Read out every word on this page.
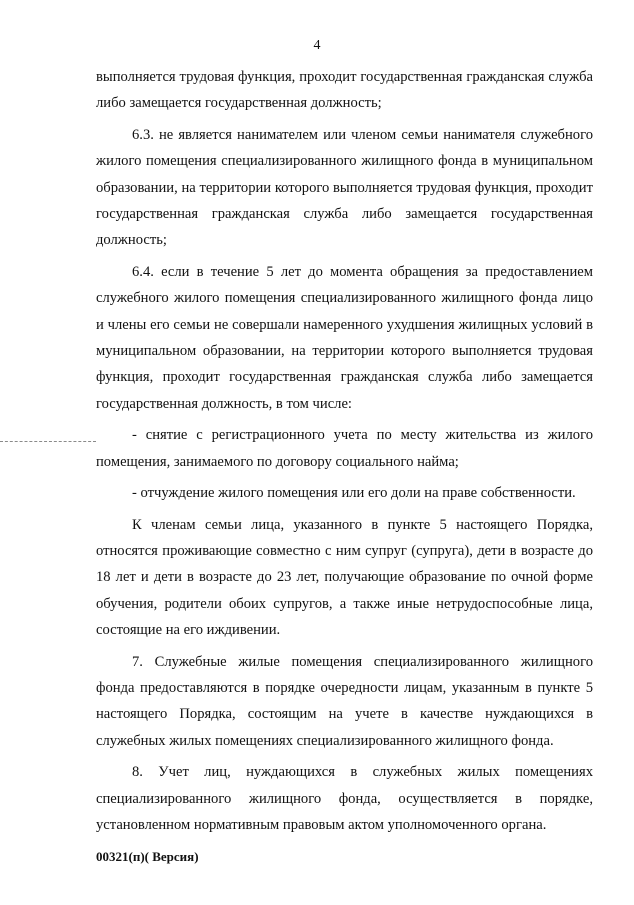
4

выполняется трудовая функция, проходит государственная гражданская служба либо замещается государственная должность;

6.3. не является нанимателем или членом семьи нанимателя служебного жилого помещения специализированного жилищного фонда в муниципальном образовании, на территории которого выполняется трудовая функция, проходит государственная гражданская служба либо замещается государственная должность;

6.4. если в течение 5 лет до момента обращения за предоставлением служебного жилого помещения специализированного жилищного фонда лицо и члены его семьи не совершали намеренного ухудшения жилищных условий в муниципальном образовании, на территории которого выполняется трудовая функция, проходит государственная гражданская служба либо замещается государственная должность, в том числе:

- снятие с регистрационного учета по месту жительства из жилого помещения, занимаемого по договору социального найма;

- отчуждение жилого помещения или его доли на праве собственности.

К членам семьи лица, указанного в пункте 5 настоящего Порядка, относятся проживающие совместно с ним супруг (супруга), дети в возрасте до 18 лет и дети в возрасте до 23 лет, получающие образование по очной форме обучения, родители обоих супругов, а также иные нетрудоспособные лица, состоящие на его иждивении.

7. Служебные жилые помещения специализированного жилищного фонда предоставляются в порядке очередности лицам, указанным в пункте 5 настоящего Порядка, состоящим на учете в качестве нуждающихся в служебных жилых помещениях специализированного жилищного фонда.

8. Учет лиц, нуждающихся в служебных жилых помещениях специализированного жилищного фонда, осуществляется в порядке, установленном нормативным правовым актом уполномоченного органа.

00321(п)( Версия)
